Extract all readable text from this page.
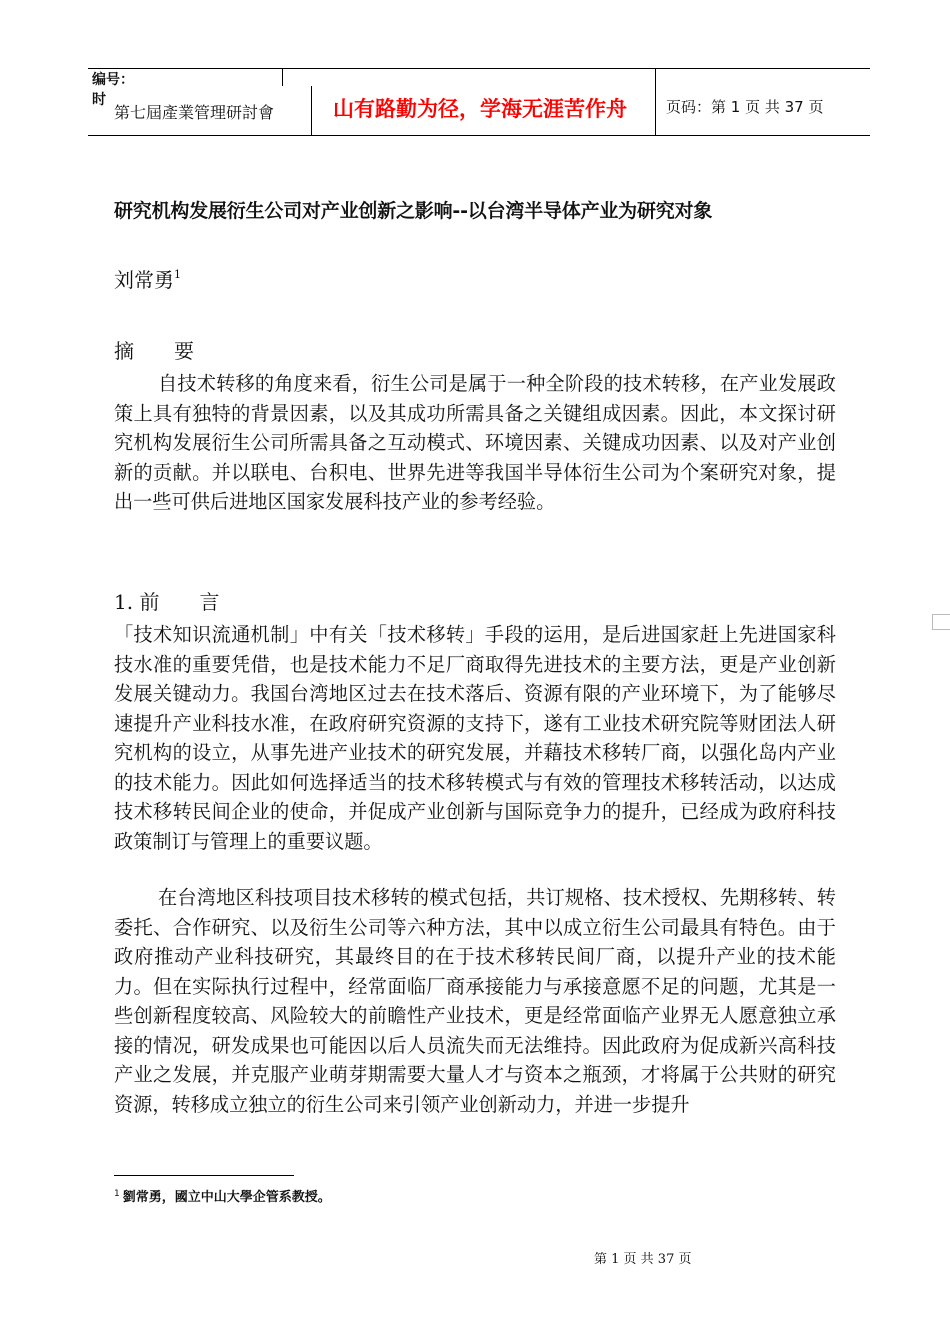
编号：
时
第七屆產業管理研討會	山有路勤为径，学海无涯苦作舟	页码：第 1 页 共 37 页
研究机构发展衍生公司对产业创新之影响--以台湾半导体产业为研究对象
刘常勇$^1$
摘　　要

自技术转移的角度来看，衍生公司是属于一种全阶段的技术转移，在产业发展政策上具有独特的背景因素，以及其成功所需具备之关键组成因素。因此，本文探讨研究机构发展衍生公司所需具备之互动模式、环境因素、关键成功因素、以及对产业创新的贡献。并以联电、台积电、世界先进等我国半导体衍生公司为个案研究对象，提出一些可供后进地区国家发展科技产业的参考经验。

1. 前　　言

「技术知识流通机制」中有关「技术移转」手段的运用，是后进国家赶上先进国家科技水准的重要凭借，也是技术能力不足厂商取得先进技术的主要方法，更是产业创新发展关键动力。我国台湾地区过去在技术落后、资源有限的产业环境下，为了能够尽速提升产业科技水准，在政府研究资源的支持下，遂有工业技术研究院等财团法人研究机构的设立，从事先进产业技术的研究发展，并藉技术移转厂商，以强化岛内产业的技术能力。因此如何选择适当的技术移转模式与有效的管理技术移转活动，以达成技术移转民间企业的使命，并促成产业创新与国际竞争力的提升，已经成为政府科技政策制订与管理上的重要议题。

在台湾地区科技项目技术移转的模式包括，共订规格、技术授权、先期移转、转委托、合作研究、以及衍生公司等六种方法，其中以成立衍生公司最具有特色。由于政府推动产业科技研究，其最终目的在于技术移转民间厂商，以提升产业的技术能力。但在实际执行过程中，经常面临厂商承接能力与承接意愿不足的问题，尤其是一些创新程度较高、风险较大的前瞻性产业技术，更是经常面临产业界无人愿意独立承接的情况，研发成果也可能因以后人员流失而无法维持。因此政府为促成新兴高科技产业之发展，并克服产业萌芽期需要大量人才与资本之瓶颈，才将属于公共财的研究资源，转移成立独立的衍生公司来引领产业创新动力，并进一步提升

$^1$ 劉常勇，國立中山大學企管系教授。
第 1 页 共 37 页
